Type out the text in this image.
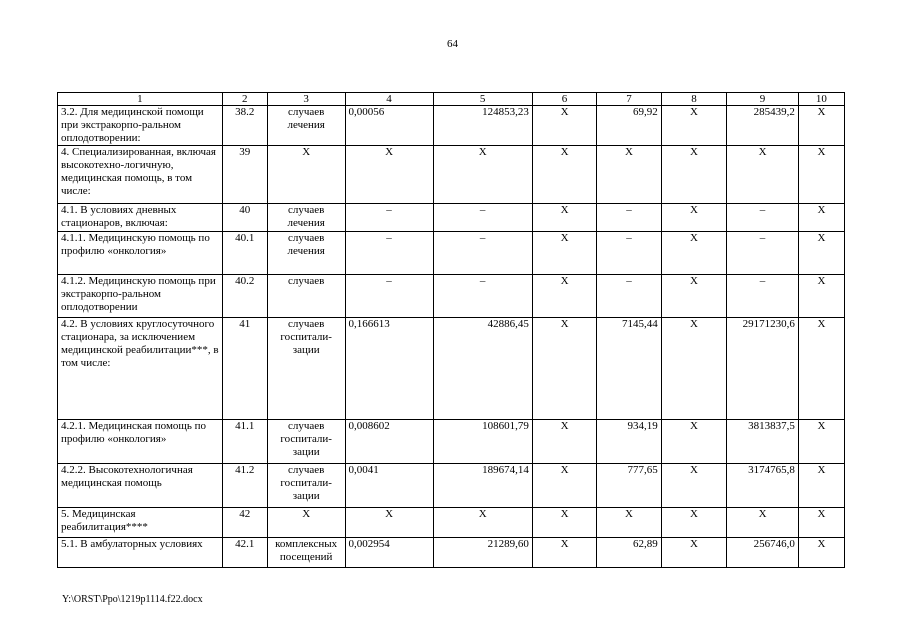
64
1	2	3	4	5	6	7	8	9	10
3.2. Для медицинской помощи при экстракорпо-ральном оплодотворении:	38.2	случаев лечения	0,00056	124853,23	Х	69,92	Х	285439,2	Х
4. Специализированная, включая высокотехно-логичную, медицинская помощь, в том числе:	39	Х	Х	Х	Х	Х	Х	Х	Х
4.1. В условиях дневных стационаров, включая:	40	случаев лечения	–	–	Х	–	Х	–	Х
4.1.1. Медицинскую помощь по профилю «онкология»	40.1	случаев лечения	–	–	Х	–	Х	–	Х
4.1.2. Медицинскую помощь при экстракорпо-ральном оплодотворении	40.2	случаев	–	–	Х	–	Х	–	Х
4.2. В условиях круглосуточного стационара, за исключением медицинской реабилитации***, в том числе:	41	случаев госпитали-зации	0,166613	42886,45	Х	7145,44	Х	29171230,6	Х
4.2.1. Медицинская помощь по профилю «онкология»	41.1	случаев госпитали-зации	0,008602	108601,79	Х	934,19	Х	3813837,5	Х
4.2.2. Высокотехнологичная медицинская помощь	41.2	случаев госпитали-зации	0,0041	189674,14	Х	777,65	Х	3174765,8	Х
5. Медицинская реабилитация****	42	Х	Х	Х	Х	Х	Х	Х	Х
5.1. В амбулаторных условиях	42.1	комплексных посещений	0,002954	21289,60	Х	62,89	Х	256746,0	Х
Y:\ORST\Ppo\1219p1114.f22.docx
